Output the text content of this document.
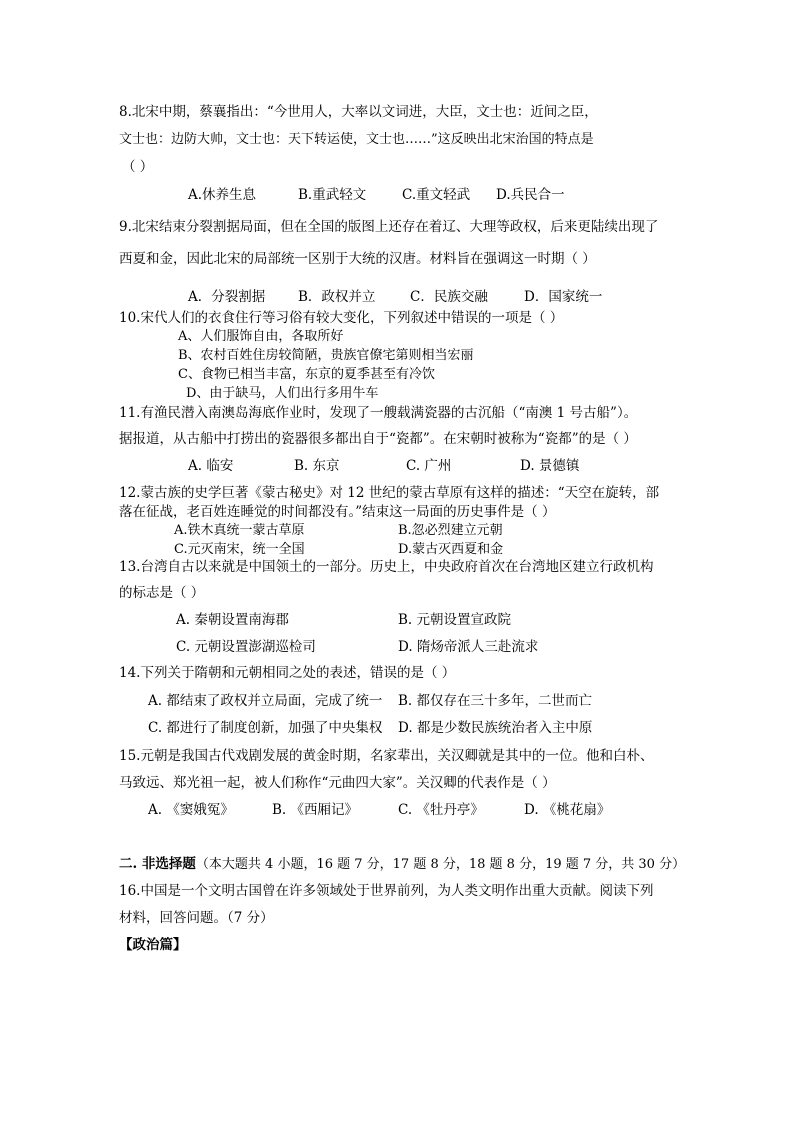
8.北宋中期，蔡襄指出：“今世用人，大率以文词进，大臣，文士也：近间之臣，
文士也：边防大帅，文士也：天下转运使，文士也……”这反映出北宋治国的特点是
（ ）
A.休养生息	B.重武轻文	C.重文轻武 D.兵民合一
9.北宋结束分裂割据局面，但在全国的版图上还存在着辽、大理等政权，后来更陆续出现了
西夏和金，因此北宋的局部统一区别于大统的汉唐。材料旨在强调这一时期（ ）
A．分裂割据 B．政权并立	C．民族交融	D．国家统一
10.宋代人们的衣食住行等习俗有较大变化，下列叙述中错误的一项是（ ）
A、人们服饰自由，各取所好
B、农村百姓住房较简陋，贵族官僚宅第则相当宏丽
C、食物已相当丰富，东京的夏季甚至有冷饮
D、由于缺马，人们出行多用牛车
11.有渔民潜入南澳岛海底作业时，发现了一艘载满瓷器的古沉船（“南澳 1 号古船”）。
据报道，从古船中打捞出的瓷器很多都出自于“瓷都”。在宋朝时被称为“瓷都”的是（ ）
A. 临安	B. 东京	C. 广州	D. 景德镇
12.蒙古族的史学巨著《蒙古秘史》对 12 世纪的蒙古草原有这样的描述：“天空在旋转，部
落在征战，老百姓连睡觉的时间都没有。”结束这一局面的历史事件是（ ）
A.铁木真统一蒙古草原	B.忽必烈建立元朝
C.元灭南宋，统一全国	D.蒙古灭西夏和金
13.台湾自古以来就是中国领土的一部分。历史上，中央政府首次在台湾地区建立行政机构
的标志是（ ）
A. 秦朝设置南海郡	B. 元朝设置宣政院
C. 元朝设置澎湖巡检司	D. 隋炀帝派人三赴流求
14.下列关于隋朝和元朝相同之处的表述，错误的是（ ）
A. 都结束了政权并立局面，完成了统一 B. 都仅存在三十多年，二世而亡
C. 都进行了制度创新，加强了中央集权 D. 都是少数民族统治者入主中原
15.元朝是我国古代戏剧发展的黄金时期，名家辈出，关汉卿就是其中的一位。他和白朴、
马致远、郑光祖一起，被人们称作“元曲四大家”。关汉卿的代表作是（ ）
A. 《窦娥冤》	B. 《西厢记》	C. 《牡丹亭》	D. 《桃花扇》
二. 非选择题（本大题共 4 小题，16 题 7 分，17 题 8 分，18 题 8 分，19 题 7 分，共 30 分）
16.中国是一个文明古国曾在许多领域处于世界前列，为人类文明作出重大贡献。阅读下列
材料，回答问题。（7 分）
【政治篇】
